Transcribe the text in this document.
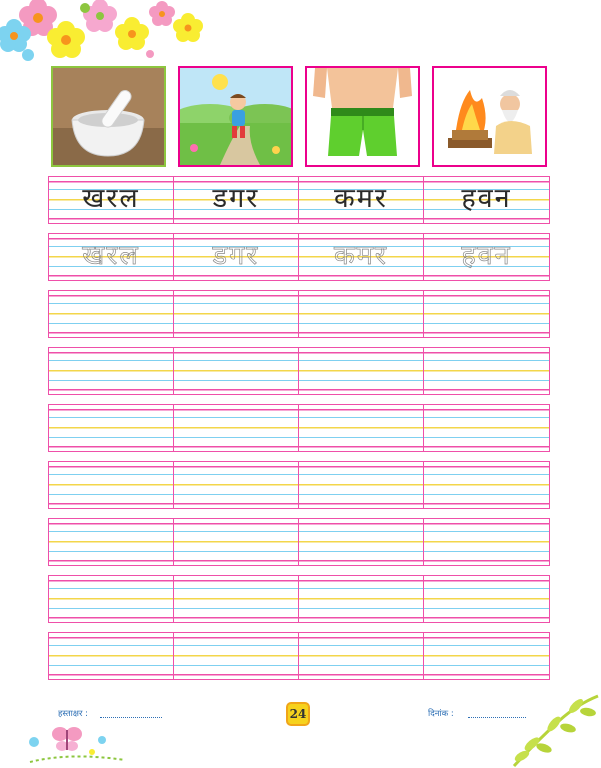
खरल	डगर	कमर	हवन
खरल	डगर	कमर	हवन
हस्ताक्षर :	24	दिनांक :
